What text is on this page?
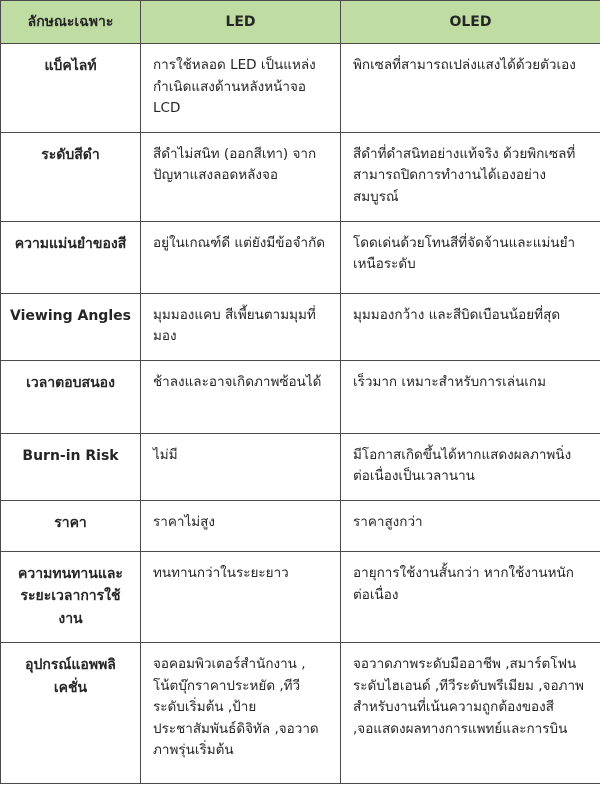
ลักษณะเฉพาะ	LED	OLED
แบ็คไลท์	การใช้หลอด LED เป็นแหล่งกำเนิดแสงด้านหลังหน้าจอ LCD	พิกเซลที่สามารถเปล่งแสงได้ด้วยตัวเอง
ระดับสีดำ	สีดำไม่สนิท (ออกสีเทา) จากปัญหาแสงลอดหลังจอ	สีดำที่ดำสนิทอย่างแท้จริง ด้วยพิกเซลที่สามารถปิดการทำงานได้เองอย่างสมบูรณ์
ความแม่นยำของสี	อยู่ในเกณฑ์ดี แต่ยังมีข้อจำกัด	โดดเด่นด้วยโทนสีที่จัดจ้านและแม่นยำเหนือระดับ
Viewing Angles	มุมมองแคบ สีเพี้ยนตามมุมที่มอง	มุมมองกว้าง และสีบิดเบือนน้อยที่สุด
เวลาตอบสนอง	ช้าลงและอาจเกิดภาพซ้อนได้	เร็วมาก เหมาะสำหรับการเล่นเกม
Burn-in Risk	ไม่มี	มีโอกาสเกิดขึ้นได้หากแสดงผลภาพนิ่งต่อเนื่องเป็นเวลานาน
ราคา	ราคาไม่สูง	ราคาสูงกว่า
ความทนทานและระยะเวลาการใช้งาน	ทนทานกว่าในระยะยาว	อายุการใช้งานสั้นกว่า หากใช้งานหนักต่อเนื่อง
อุปกรณ์แอพพลิเคชั่น	จอคอมพิวเตอร์สำนักงาน , โน้ตบุ๊กราคาประหยัด ,ทีวีระดับเริ่มต้น ,ป้ายประชาสัมพันธ์ดิจิทัล ,จอวาดภาพรุ่นเริ่มต้น	จอวาดภาพระดับมืออาชีพ ,สมาร์ตโฟนระดับไฮเอนด์ ,ทีวีระดับพรีเมียม ,จอภาพสำหรับงานที่เน้นความถูกต้องของสี ,จอแสดงผลทางการแพทย์และการบิน
